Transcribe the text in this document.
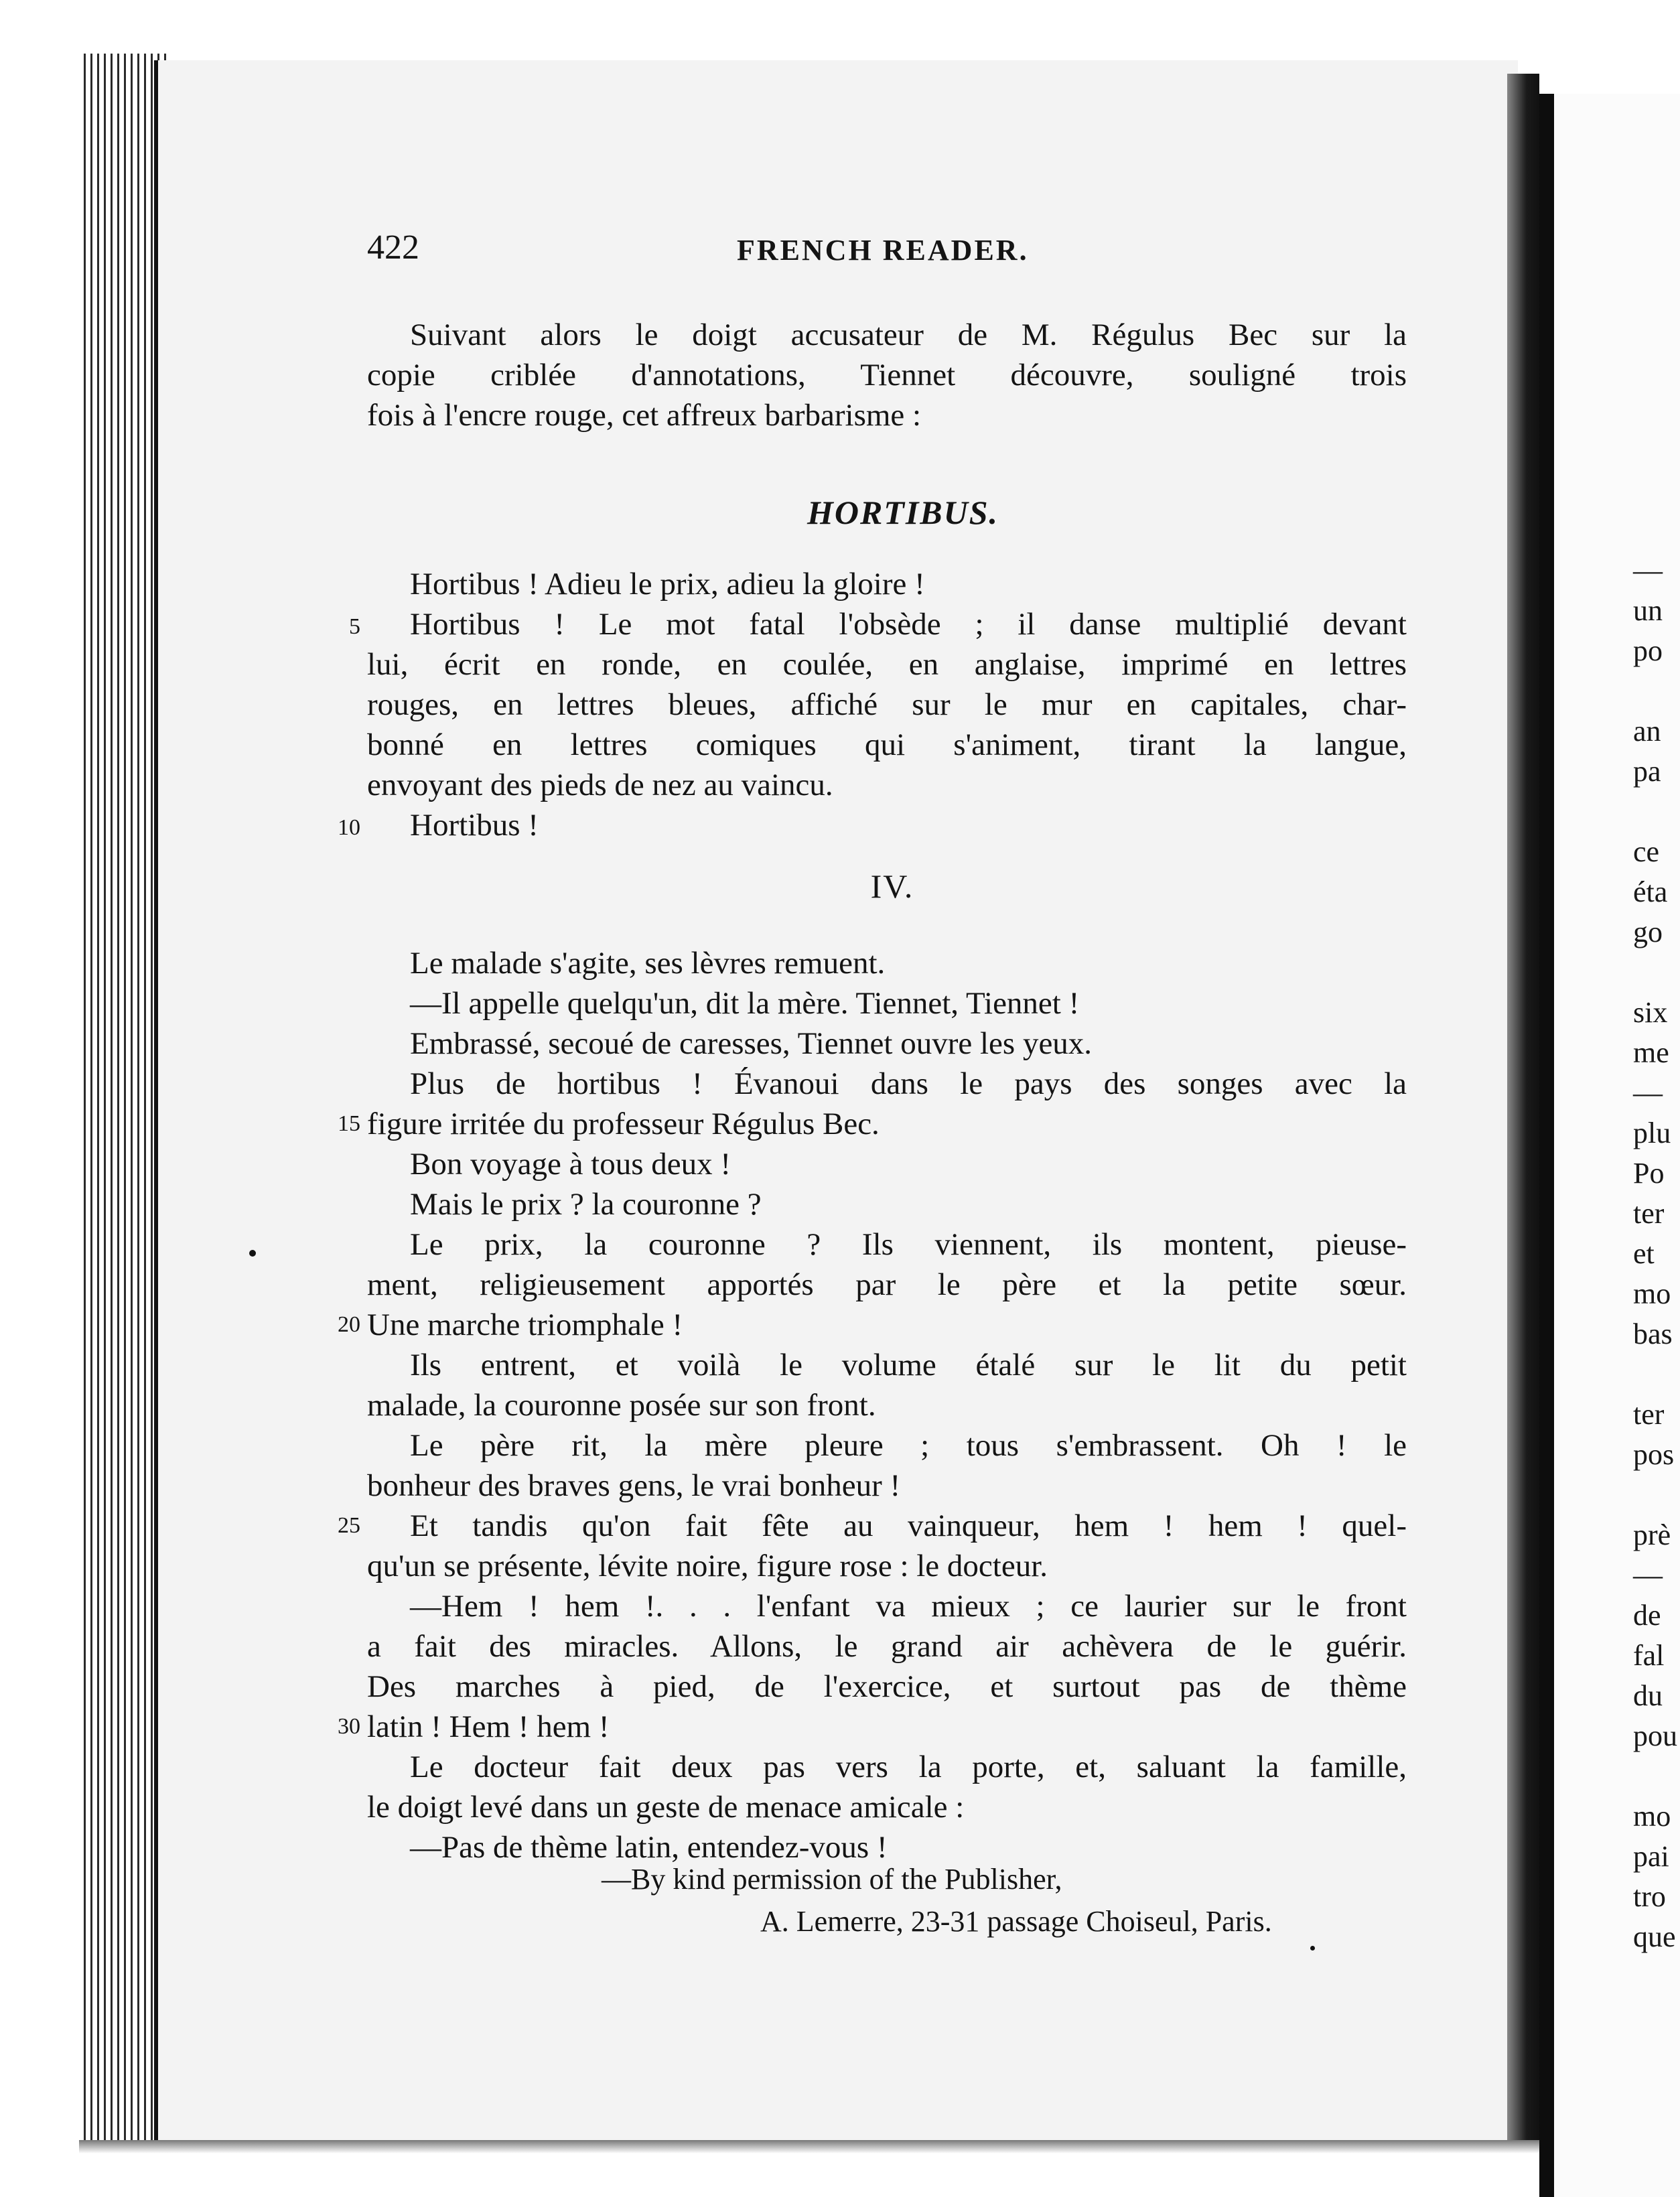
—
un
po
an
pa
ce
éta
go
six
me
—
plu
Po
ter
et
mo
bas
ter
pos
prè
—
de
fal
du
pou
mo
pai
tro
que
422	FRENCH READER.
Suivant alors le doigt accusateur de M. Régulus Bec sur la
copie criblée d'annotations, Tiennet découvre, souligné trois
fois à l'encre rouge, cet affreux barbarisme :
HORTIBUS.
Hortibus ! Adieu le prix, adieu la gloire !
Hortibus ! Le mot fatal l'obsède ; il danse multiplié devant
lui, écrit en ronde, en coulée, en anglaise, imprimé en lettres
rouges, en lettres bleues, affiché sur le mur en capitales, char-
bonné en lettres comiques qui s'animent, tirant la langue,
envoyant des pieds de nez au vaincu.
Hortibus !
IV.
Le malade s'agite, ses lèvres remuent.
—Il appelle quelqu'un, dit la mère. Tiennet, Tiennet !
Embrassé, secoué de caresses, Tiennet ouvre les yeux.
Plus de hortibus ! Évanoui dans le pays des songes avec la
figure irritée du professeur Régulus Bec.
Bon voyage à tous deux !
Mais le prix ? la couronne ?
Le prix, la couronne ? Ils viennent, ils montent, pieuse-
ment, religieusement apportés par le père et la petite sœur.
Une marche triomphale !
Ils entrent, et voilà le volume étalé sur le lit du petit
malade, la couronne posée sur son front.
Le père rit, la mère pleure ; tous s'embrassent. Oh ! le
bonheur des braves gens, le vrai bonheur !
Et tandis qu'on fait fête au vainqueur, hem ! hem ! quel-
qu'un se présente, lévite noire, figure rose : le docteur.
—Hem ! hem !. . . l'enfant va mieux ; ce laurier sur le front
a fait des miracles. Allons, le grand air achèvera de le guérir.
Des marches à pied, de l'exercice, et surtout pas de thème
latin ! Hem ! hem !
Le docteur fait deux pas vers la porte, et, saluant la famille,
le doigt levé dans un geste de menace amicale :
—Pas de thème latin, entendez-vous !
5
10
15
20
25
30
—By kind permission of the Publisher,
A. Lemerre, 23-31 passage Choiseul, Paris.
